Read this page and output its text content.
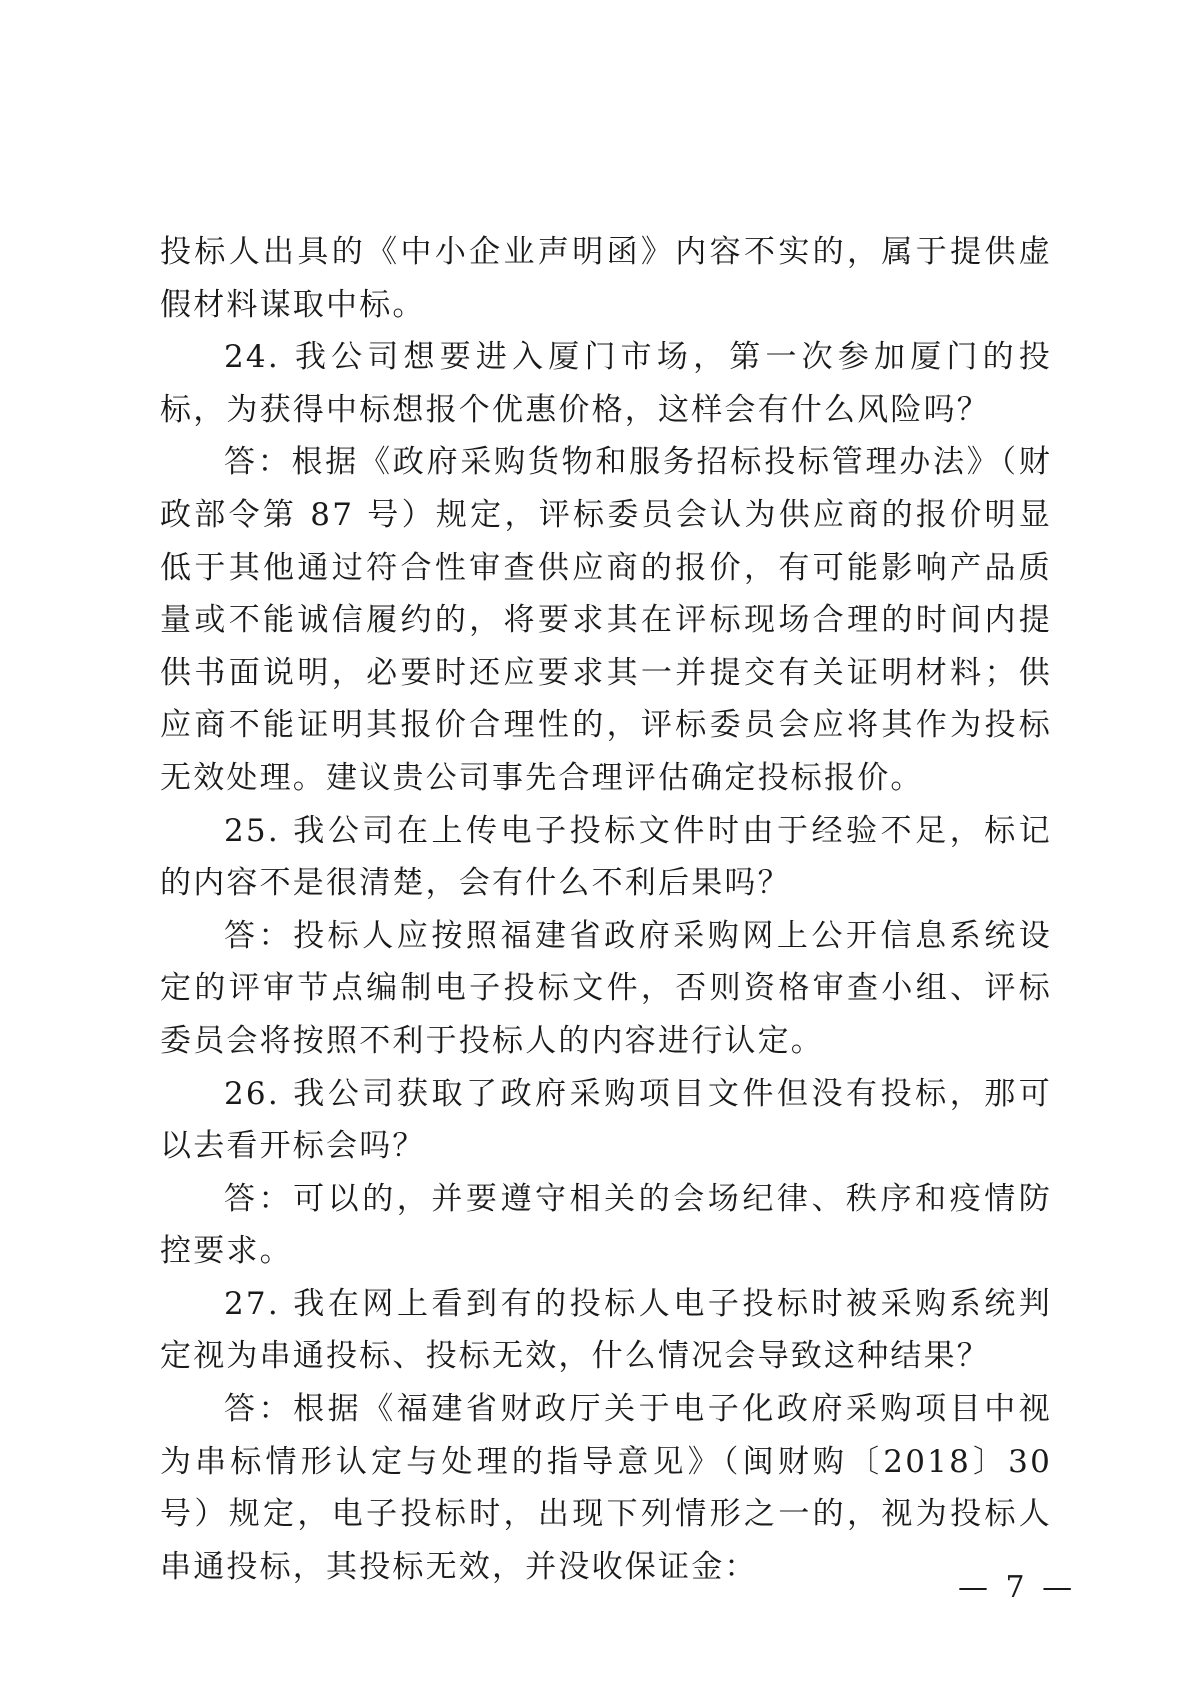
投标人出具的《中小企业声明函》内容不实的，属于提供虚假材料谋取中标。

24. 我公司想要进入厦门市场，第一次参加厦门的投标，为获得中标想报个优惠价格，这样会有什么风险吗？

答：根据《政府采购货物和服务招标投标管理办法》（财政部令第 87 号）规定，评标委员会认为供应商的报价明显低于其他通过符合性审查供应商的报价，有可能影响产品质量或不能诚信履约的，将要求其在评标现场合理的时间内提供书面说明，必要时还应要求其一并提交有关证明材料；供应商不能证明其报价合理性的，评标委员会应将其作为投标无效处理。建议贵公司事先合理评估确定投标报价。

25. 我公司在上传电子投标文件时由于经验不足，标记的内容不是很清楚，会有什么不利后果吗？

答：投标人应按照福建省政府采购网上公开信息系统设定的评审节点编制电子投标文件，否则资格审查小组、评标委员会将按照不利于投标人的内容进行认定。

26. 我公司获取了政府采购项目文件但没有投标，那可以去看开标会吗？

答：可以的，并要遵守相关的会场纪律、秩序和疫情防控要求。

27. 我在网上看到有的投标人电子投标时被采购系统判定视为串通投标、投标无效，什么情况会导致这种结果？

答：根据《福建省财政厅关于电子化政府采购项目中视为串标情形认定与处理的指导意见》（闽财购〔2018〕30 号）规定，电子投标时，出现下列情形之一的，视为投标人串通投标，其投标无效，并没收保证金：

— 7 —
